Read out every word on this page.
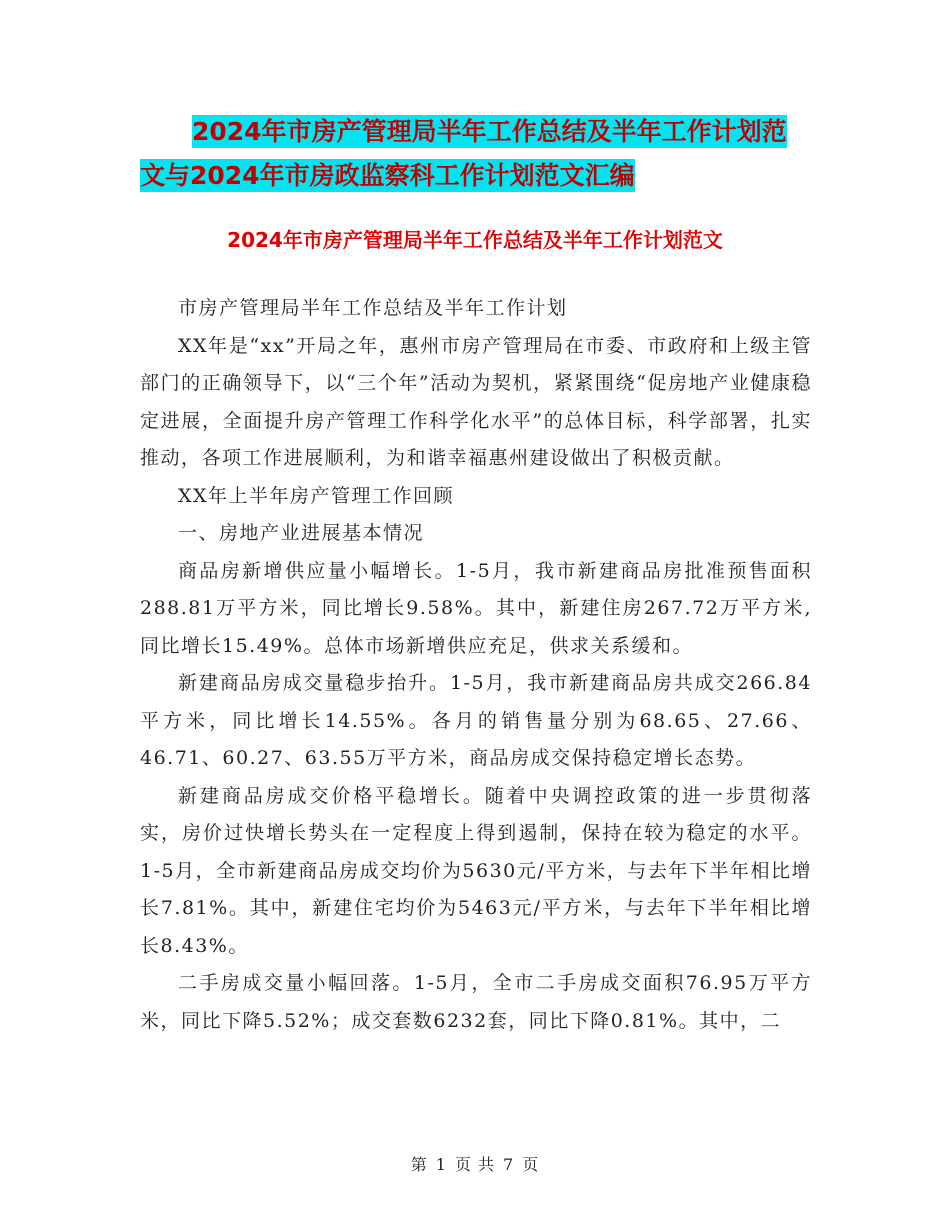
2024年市房产管理局半年工作总结及半年工作计划范
文与2024年市房政监察科工作计划范文汇编
2024年市房产管理局半年工作总结及半年工作计划范文

市房产管理局半年工作总结及半年工作计划

XX年是“xx”开局之年，惠州市房产管理局在市委、市政府和上级主管部门的正确领导下，以“三个年”活动为契机，紧紧围绕“促房地产业健康稳定进展，全面提升房产管理工作科学化水平”的总体目标，科学部署，扎实推动，各项工作进展顺利，为和谐幸福惠州建设做出了积极贡献。

XX年上半年房产管理工作回顾

一、房地产业进展基本情况

商品房新增供应量小幅增长。1-5月，我市新建商品房批准预售面积288.81万平方米，同比增长9.58%。其中，新建住房267.72万平方米,同比增长15.49%。总体市场新增供应充足，供求关系缓和。

新建商品房成交量稳步抬升。1-5月，我市新建商品房共成交266.84平方米，同比增长14.55%。各月的销售量分别为68.65、27.66、46.71、60.27、63.55万平方米，商品房成交保持稳定增长态势。

新建商品房成交价格平稳增长。随着中央调控政策的进一步贯彻落实，房价过快增长势头在一定程度上得到遏制，保持在较为稳定的水平。1-5月，全市新建商品房成交均价为5630元/平方米，与去年下半年相比增长7.81%。其中，新建住宅均价为5463元/平方米，与去年下半年相比增长8.43%。

二手房成交量小幅回落。1-5月，全市二手房成交面积76.95万平方米，同比下降5.52%；成交套数6232套，同比下降0.81%。其中，二

第 1 页 共 7 页
